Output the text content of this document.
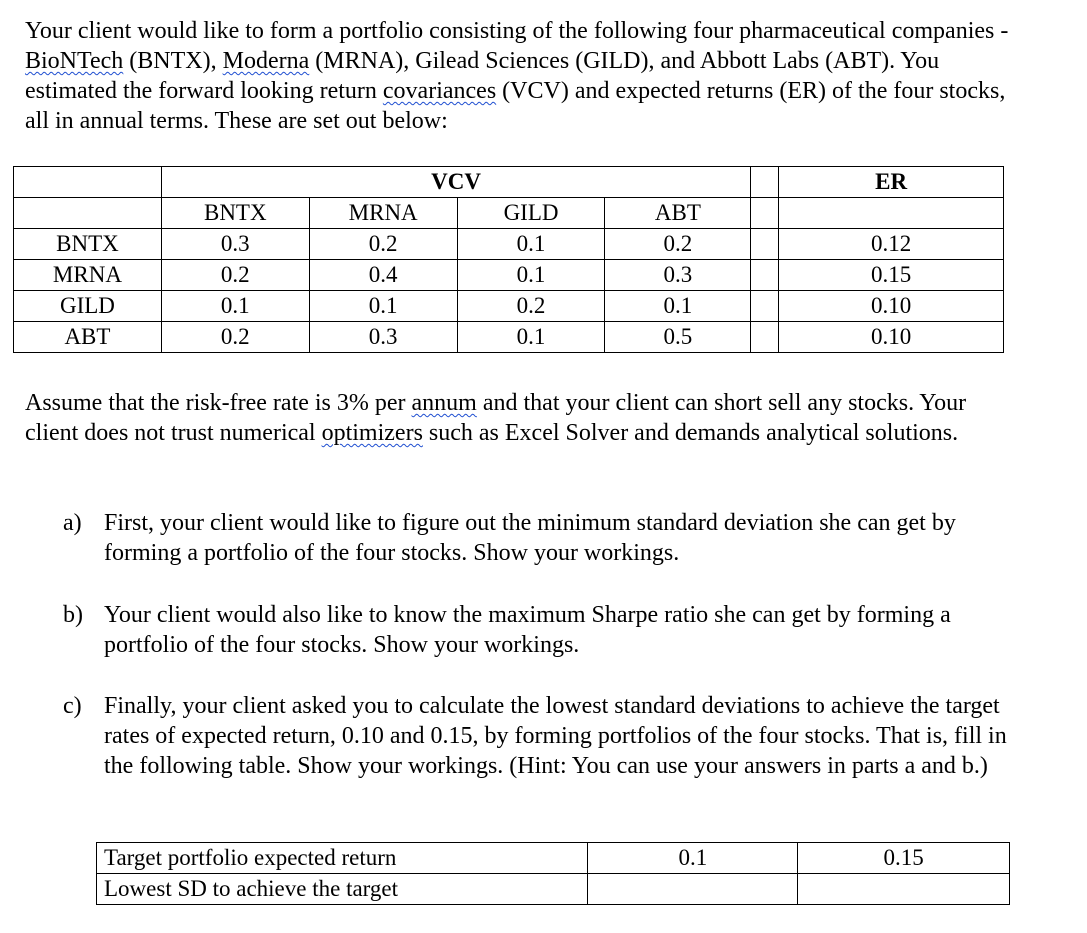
Your client would like to form a portfolio consisting of the following four pharmaceutical companies - BioNTech (BNTX), Moderna (MRNA), Gilead Sciences (GILD), and Abbott Labs (ABT). You estimated the forward looking return covariances (VCV) and expected returns (ER) of the four stocks, all in annual terms. These are set out below:

	VCV					ER
	BNTX	MRNA	GILD	ABT		
BNTX	0.3	0.2	0.1	0.2		0.12
MRNA	0.2	0.4	0.1	0.3		0.15
GILD	0.1	0.1	0.2	0.1		0.10
ABT	0.2	0.3	0.1	0.5		0.10

Assume that the risk-free rate is 3% per annum and that your client can short sell any stocks. Your client does not trust numerical optimizers such as Excel Solver and demands analytical solutions.

a) First, your client would like to figure out the minimum standard deviation she can get by forming a portfolio of the four stocks. Show your workings.
b) Your client would also like to know the maximum Sharpe ratio she can get by forming a portfolio of the four stocks. Show your workings.
c) Finally, your client asked you to calculate the lowest standard deviations to achieve the target rates of expected return, 0.10 and 0.15, by forming portfolios of the four stocks. That is, fill in the following table. Show your workings. (Hint: You can use your answers in parts a and b.)
Target portfolio expected return	0.1	0.15
Lowest SD to achieve the target		
